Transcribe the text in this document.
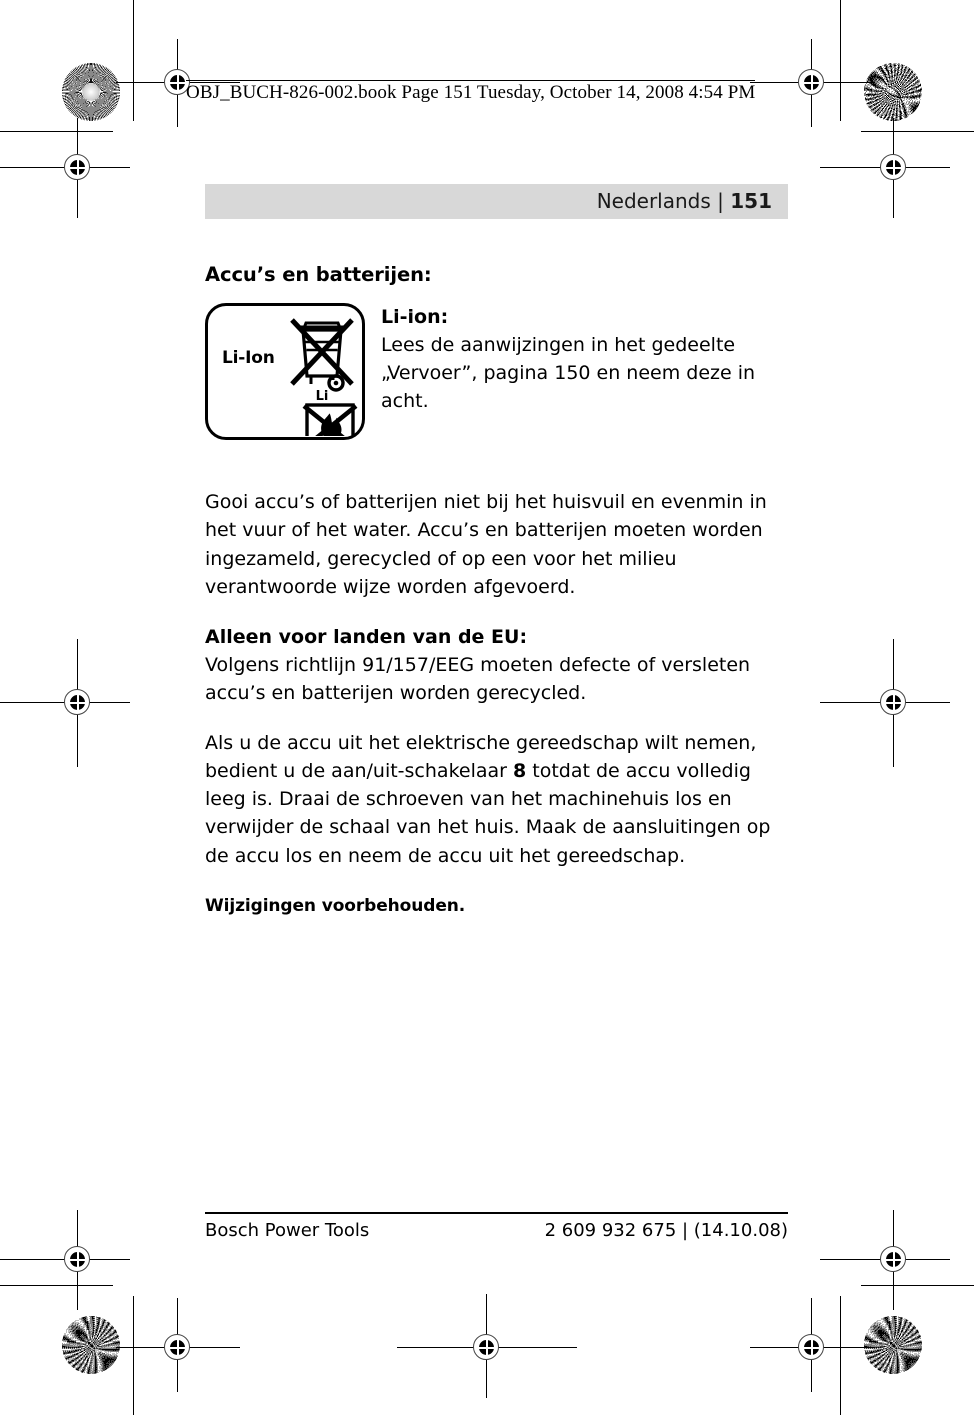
OBJ_BUCH-826-002.book Page 151 Tuesday, October 14, 2008 4:54 PM
Nederlands | 151
Accu’s en batterijen:
Li-Ion
Li
Li-ion:
Lees de aanwijzingen in het gedeelte „Vervoer”, pagina 150 en neem deze in acht.

Gooi accu’s of batterijen niet bij het huisvuil en evenmin in het vuur of het water. Accu’s en batterijen moeten worden ingezameld, gerecycled of op een voor het milieu verantwoorde wijze worden afgevoerd.

Alleen voor landen van de EU:
Volgens richtlijn 91/157/EEG moeten defecte of versleten accu’s en batterijen worden gerecycled.

Als u de accu uit het elektrische gereedschap wilt nemen, bedient u de aan/uit-schakelaar 8 totdat de accu volledig leeg is. Draai de schroeven van het machinehuis los en verwijder de schaal van het huis. Maak de aansluitingen op de accu los en neem de accu uit het gereedschap.

Wijzigingen voorbehouden.

Bosch Power Tools	2 609 932 675 | (14.10.08)
